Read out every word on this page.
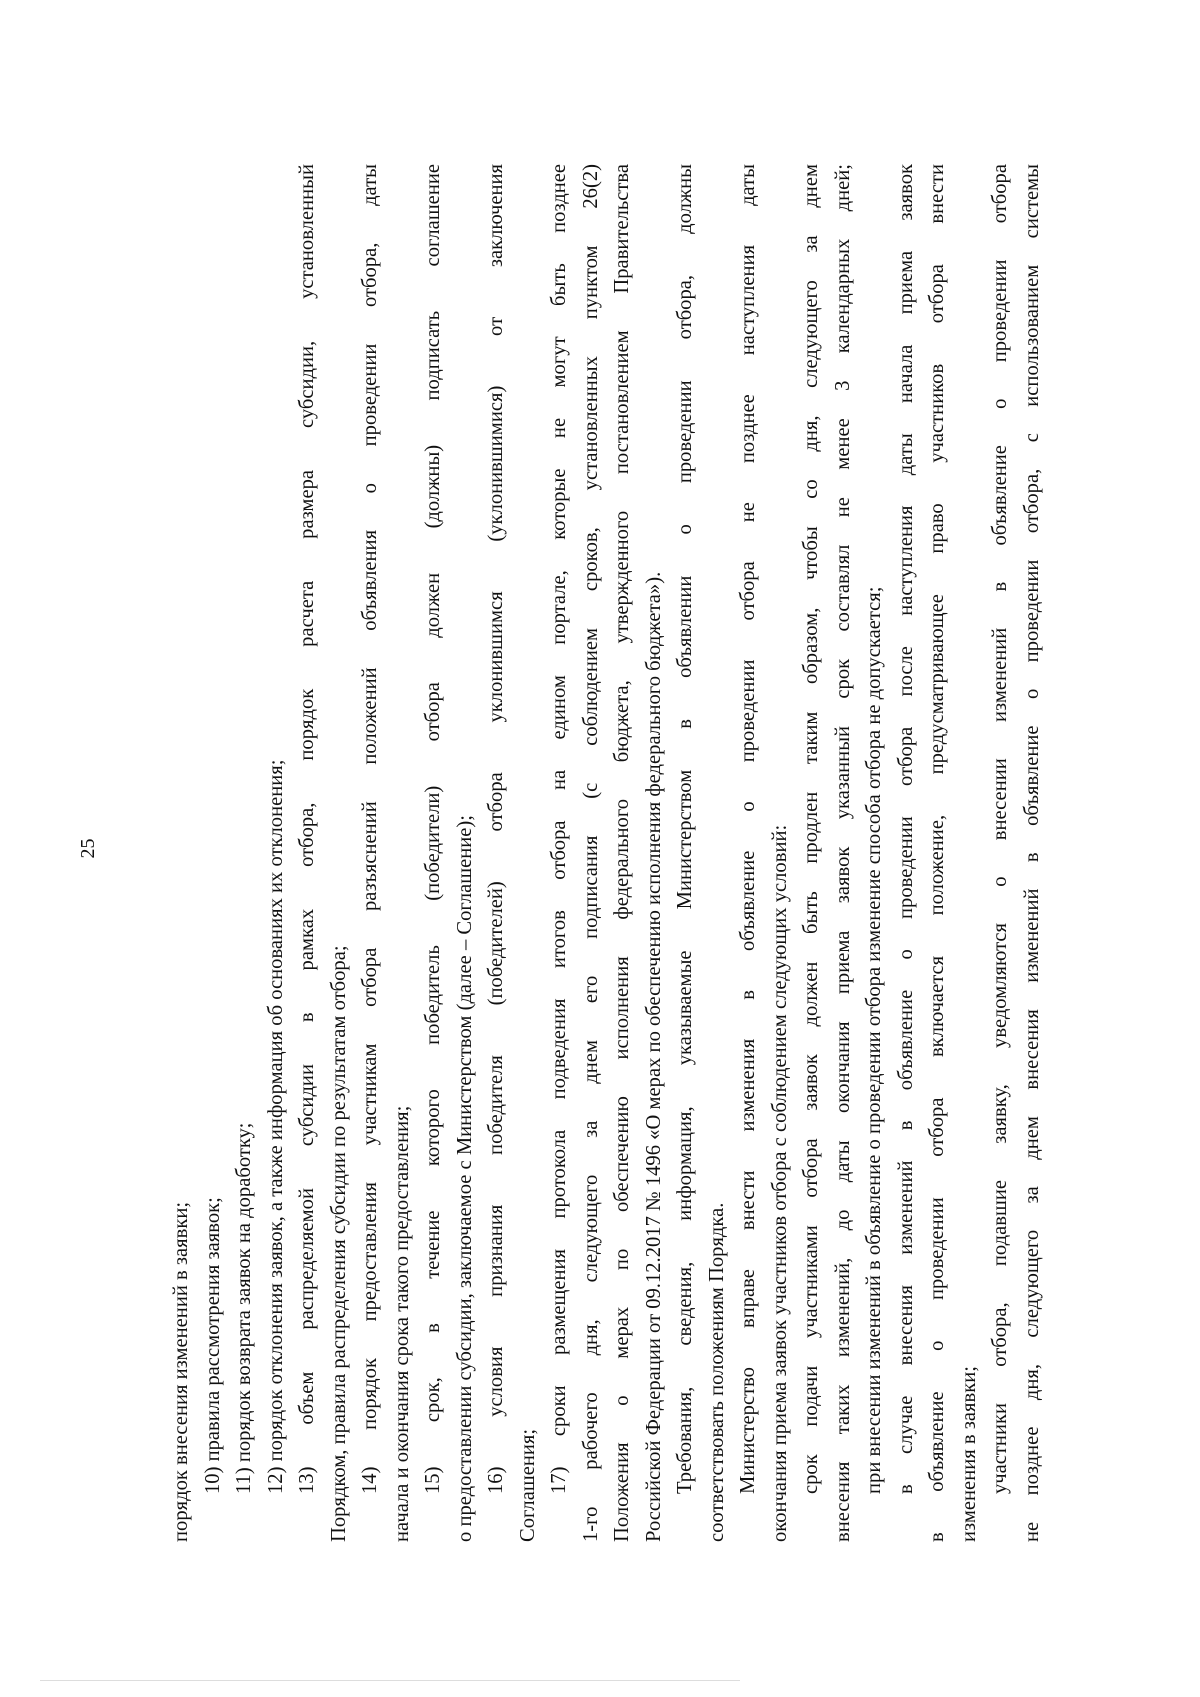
25

порядок внесения изменений в заявки; 10) правила рассмотрения заявок; 11) порядок возврата заявок на доработку; 12) порядок отклонения заявок, а также информация об основаниях их отклонения; 13) объем распределяемой субсидии в рамках отбора, порядок расчета размера субсидии, установленный Порядком, правила распределения субсидии по результатам отбора; 14) порядок предоставления участникам отбора разъяснений положений объявления о проведении отбора, даты начала и окончания срока такого предоставления; 15) срок, в течение которого победитель (победители) отбора должен (должны) подписать соглашение о предоставлении субсидии, заключаемое с Министерством (далее – Соглашение); 16) условия признания победителя (победителей) отбора уклонившимся (уклонившимися) от заключения Соглашения; 17) сроки размещения протокола подведения итогов отбора на едином портале, которые не могут быть позднее 1-го рабочего дня, следующего за днем его подписания (с соблюдением сроков, установленных пунктом 26(2) Положения о мерах по обеспечению исполнения федерального бюджета, утвержденного постановлением Правительства Российской Федерации от 09.12.2017 № 1496 «О мерах по обеспечению исполнения федерального бюджета»). Требования, сведения, информация, указываемые Министерством в объявлении о проведении отбора, должны соответствовать положениям Порядка. Министерство вправе внести изменения в объявление о проведении отбора не позднее наступления даты окончания приема заявок участников отбора с соблюдением следующих условий: срок подачи участниками отбора заявок должен быть продлен таким образом, чтобы со дня, следующего за днем внесения таких изменений, до даты окончания приема заявок указанный срок составлял не менее 3 календарных дней; при внесении изменений в объявление о проведении отбора изменение способа отбора не допускается; в случае внесения изменений в объявление о проведении отбора после наступления даты начала приема заявок в объявление о проведении отбора включается положение, предусматривающее право участников отбора внести изменения в заявки; участники отбора, подавшие заявку, уведомляются о внесении изменений в объявление о проведении отбора не позднее дня, следующего за днем внесения изменений в объявление о проведении отбора, с использованием системы
